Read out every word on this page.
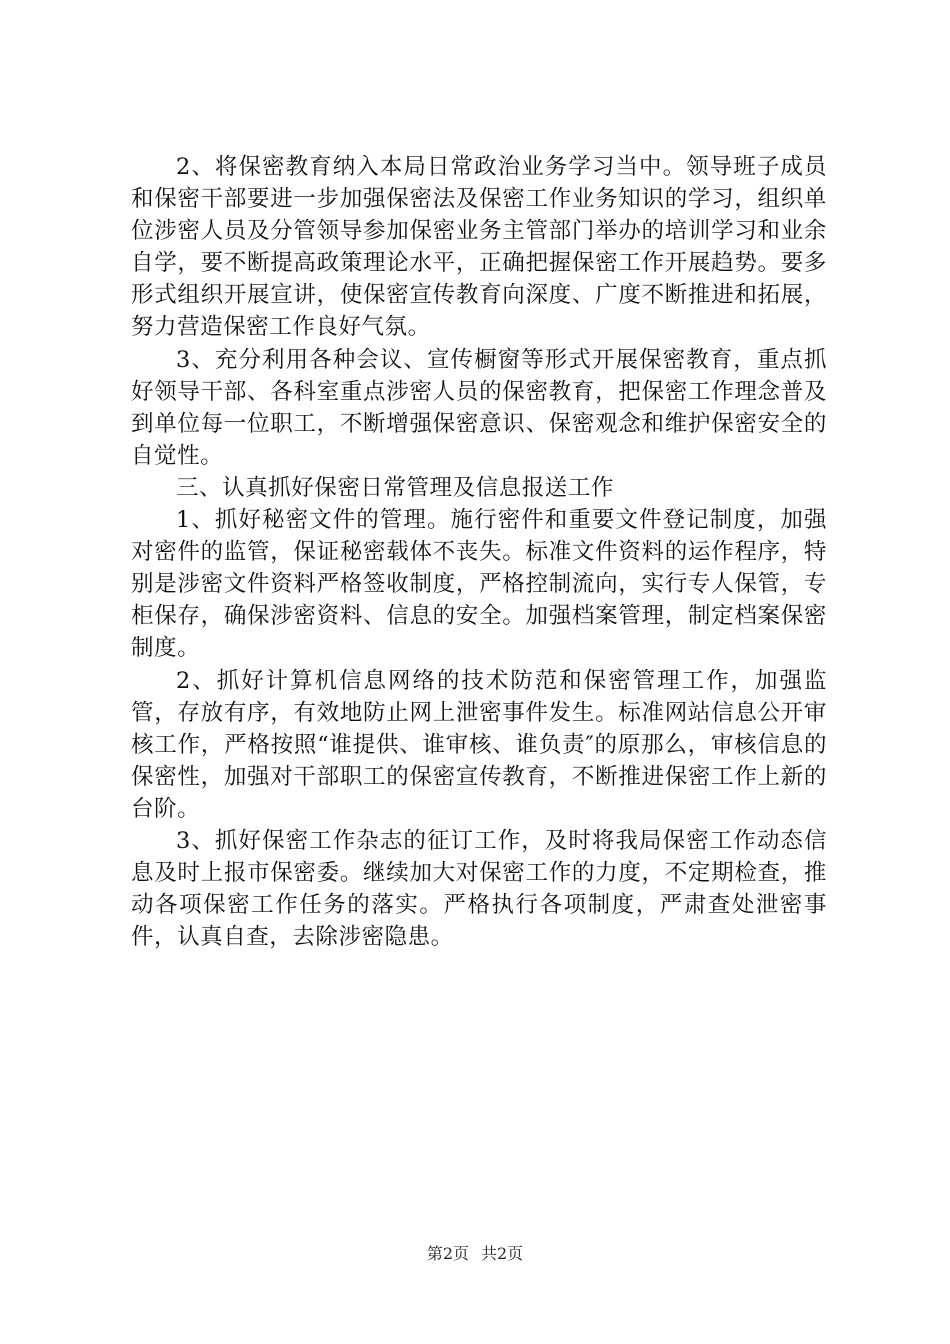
2、将保密教育纳入本局日常政治业务学习当中。领导班子成员和保密干部要进一步加强保密法及保密工作业务知识的学习，组织单位涉密人员及分管领导参加保密业务主管部门举办的培训学习和业余自学，要不断提高政策理论水平，正确把握保密工作开展趋势。要多形式组织开展宣讲，使保密宣传教育向深度、广度不断推进和拓展，努力营造保密工作良好气氛。

3、充分利用各种会议、宣传橱窗等形式开展保密教育，重点抓好领导干部、各科室重点涉密人员的保密教育，把保密工作理念普及到单位每一位职工，不断增强保密意识、保密观念和维护保密安全的自觉性。

三、认真抓好保密日常管理及信息报送工作

1、抓好秘密文件的管理。施行密件和重要文件登记制度，加强对密件的监管，保证秘密载体不丧失。标准文件资料的运作程序，特别是涉密文件资料严格签收制度，严格控制流向，实行专人保管，专柜保存，确保涉密资料、信息的安全。加强档案管理，制定档案保密制度。

2、抓好计算机信息网络的技术防范和保密管理工作，加强监管，存放有序，有效地防止网上泄密事件发生。标准网站信息公开审核工作，严格按照“谁提供、谁审核、谁负责″的原那么，审核信息的保密性，加强对干部职工的保密宣传教育，不断推进保密工作上新的台阶。

3、抓好保密工作杂志的征订工作，及时将我局保密工作动态信息及时上报市保密委。继续加大对保密工作的力度，不定期检查，推动各项保密工作任务的落实。严格执行各项制度，严肃查处泄密事件，认真自查，去除涉密隐患。

第2页 共2页
